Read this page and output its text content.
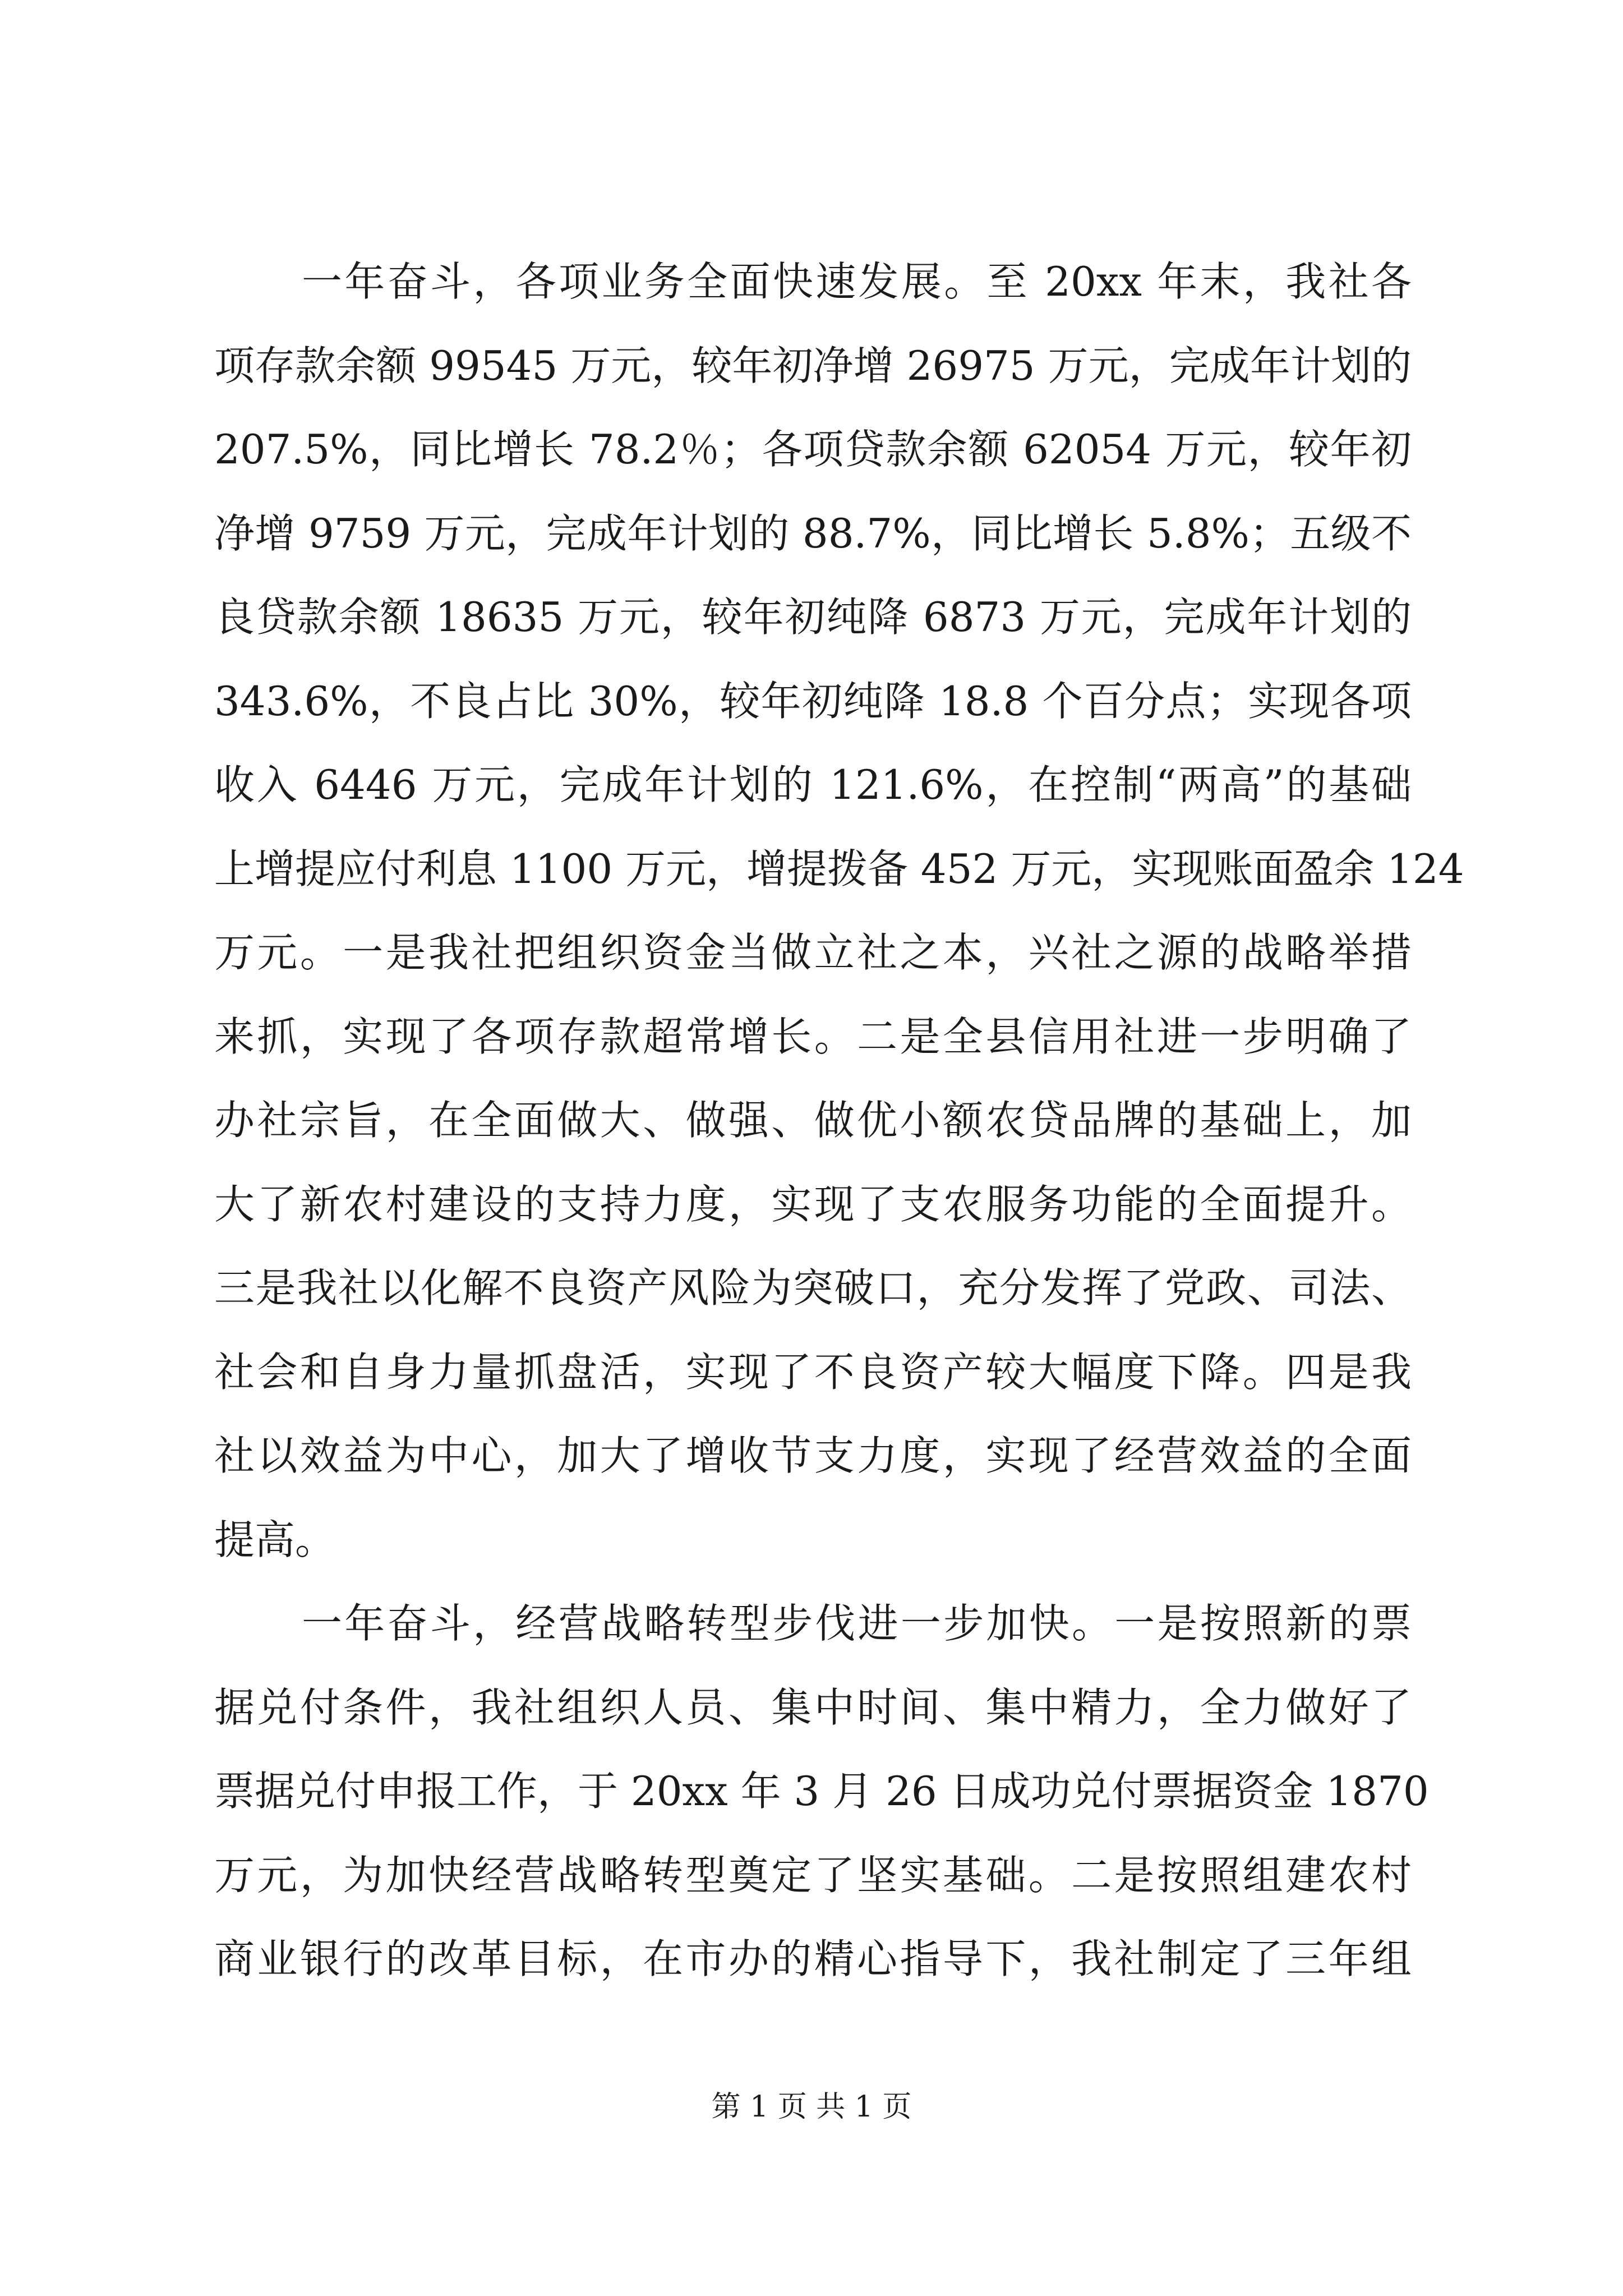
一年奋斗，各项业务全面快速发展。至 20xx 年末，我社各
项存款余额 99545 万元，较年初净增 26975 万元，完成年计划的
207.5%，同比增长 78.2％；各项贷款余额 62054 万元，较年初
净增 9759 万元，完成年计划的 88.7%，同比增长 5.8%；五级不
良贷款余额 18635 万元，较年初纯降 6873 万元，完成年计划的
343.6%，不良占比 30%，较年初纯降 18.8 个百分点；实现各项
收入 6446 万元，完成年计划的 121.6%，在控制“两高”的基础
上增提应付利息 1100 万元，增提拨备 452 万元，实现账面盈余 124
万元。一是我社把组织资金当做立社之本，兴社之源的战略举措
来抓，实现了各项存款超常增长。二是全县信用社进一步明确了
办社宗旨，在全面做大、做强、做优小额农贷品牌的基础上，加
大了新农村建设的支持力度，实现了支农服务功能的全面提升。
三是我社以化解不良资产风险为突破口，充分发挥了党政、司法、
社会和自身力量抓盘活，实现了不良资产较大幅度下降。四是我
社以效益为中心，加大了增收节支力度，实现了经营效益的全面
提高。
一年奋斗，经营战略转型步伐进一步加快。一是按照新的票
据兑付条件，我社组织人员、集中时间、集中精力，全力做好了
票据兑付申报工作，于 20xx 年 3 月 26 日成功兑付票据资金 1870
万元，为加快经营战略转型奠定了坚实基础。二是按照组建农村
商业银行的改革目标，在市办的精心指导下，我社制定了三年组
第 1 页 共 1 页
